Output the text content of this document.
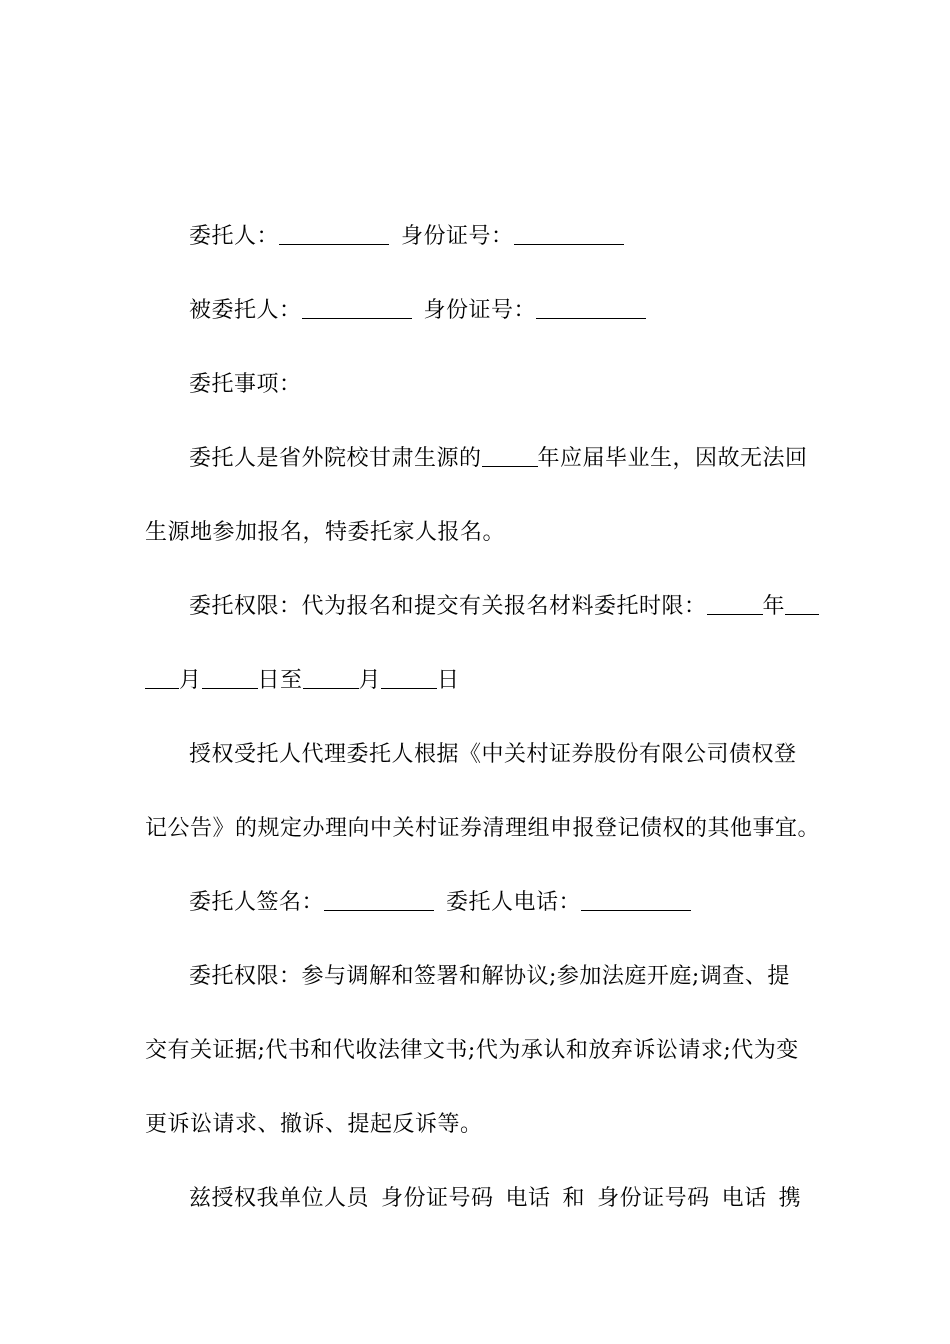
委托人：	身份证号：
被委托人：	身份证号：
委托事项：
委托人是省外院校甘肃生源的	年应届毕业生，因故无法回
生源地参加报名，特委托家人报名。
委托权限：代为报名和提交有关报名材料委托时限：	年
月	日至	月	日
授权受托人代理委托人根据《中关村证券股份有限公司债权登
记公告》的规定办理向中关村证券清理组申报登记债权的其他事宜。
委托人签名：	委托人电话：
委托权限：参与调解和签署和解协议;参加法庭开庭;调查、提
交有关证据;代书和代收法律文书;代为承认和放弃诉讼请求;代为变
更诉讼请求、撤诉、提起反诉等。
兹授权我单位人员 身份证号码 电话 和 身份证号码 电话 携
